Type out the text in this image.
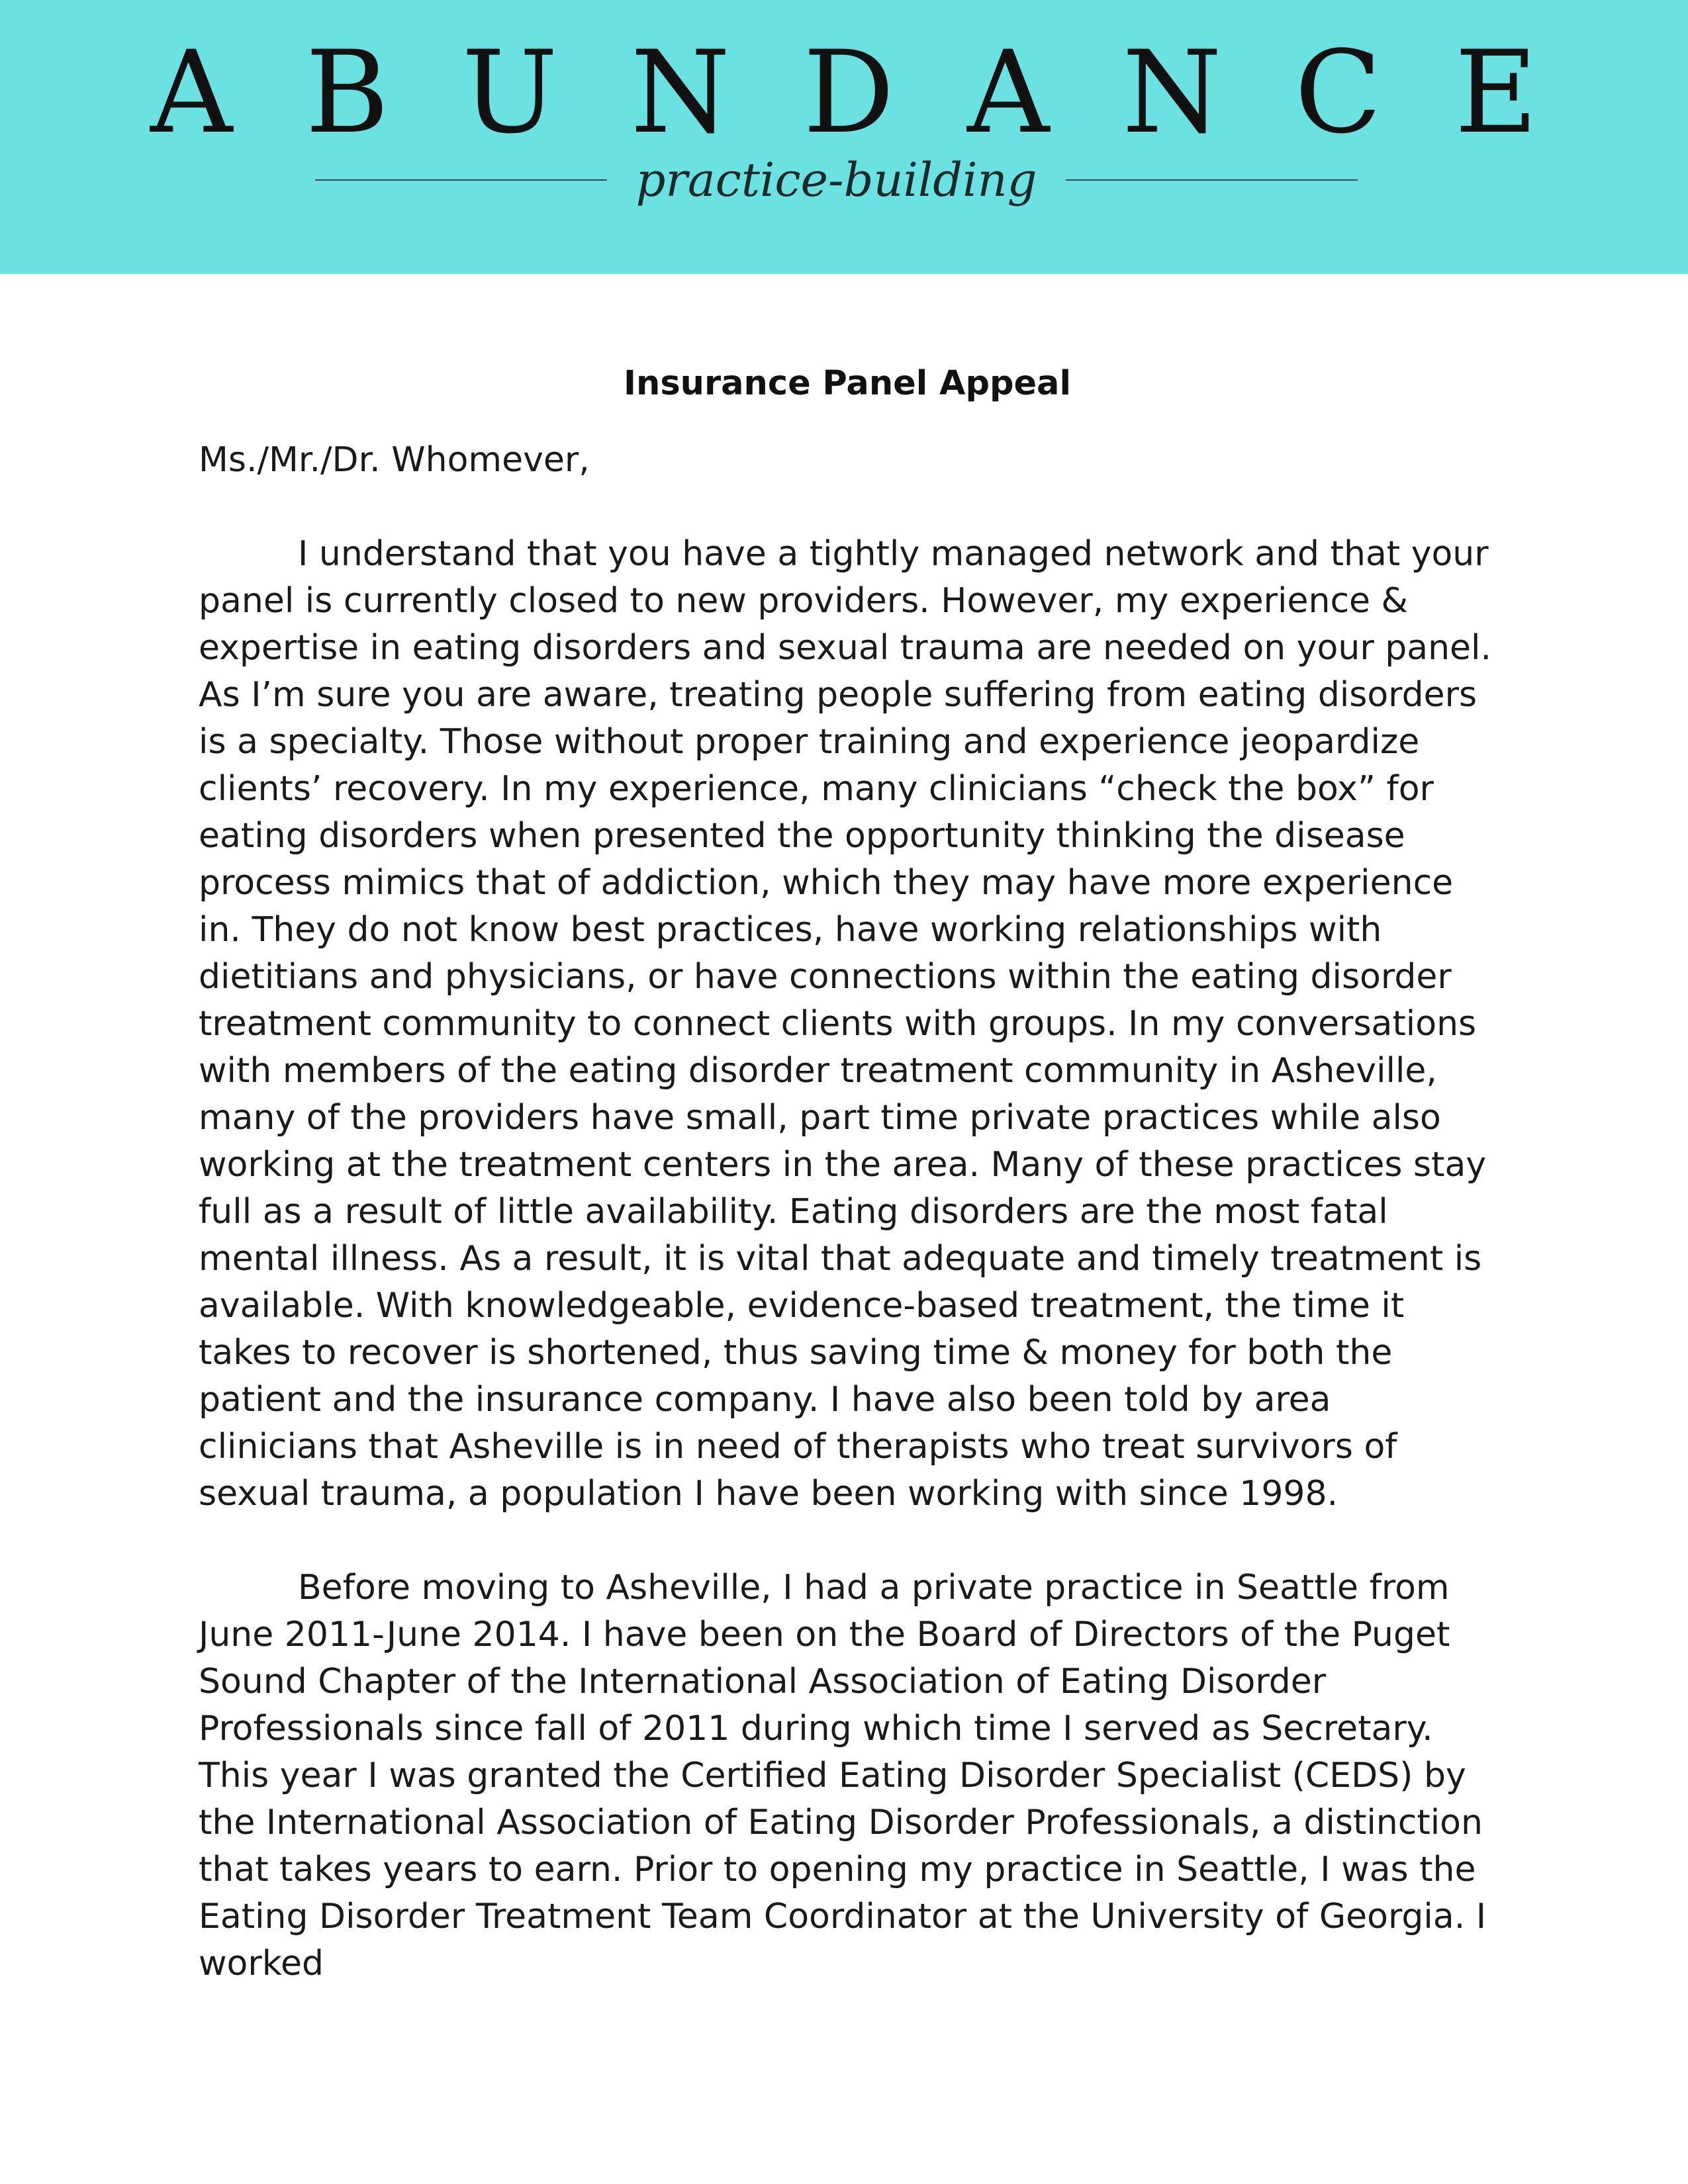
ABUNDANCE
practice-building
Insurance Panel Appeal

Ms./Mr./Dr. Whomever,

I understand that you have a tightly managed network and that your panel is currently closed to new providers. However, my experience & expertise in eating disorders and sexual trauma are needed on your panel. As I’m sure you are aware, treating people suffering from eating disorders is a specialty. Those without proper training and experience jeopardize clients’ recovery. In my experience, many clinicians “check the box” for eating disorders when presented the opportunity thinking the disease process mimics that of addiction, which they may have more experience in. They do not know best practices, have working relationships with dietitians and physicians, or have connections within the eating disorder treatment community to connect clients with groups. In my conversations with members of the eating disorder treatment community in Asheville, many of the providers have small, part time private practices while also working at the treatment centers in the area. Many of these practices stay full as a result of little availability. Eating disorders are the most fatal mental illness. As a result, it is vital that adequate and timely treatment is available. With knowledgeable, evidence-based treatment, the time it takes to recover is shortened, thus saving time & money for both the patient and the insurance company. I have also been told by area clinicians that Asheville is in need of therapists who treat survivors of sexual trauma, a population I have been working with since 1998.

Before moving to Asheville, I had a private practice in Seattle from June 2011-June 2014. I have been on the Board of Directors of the Puget Sound Chapter of the International Association of Eating Disorder Professionals since fall of 2011 during which time I served as Secretary. This year I was granted the Certified Eating Disorder Specialist (CEDS) by the International Association of Eating Disorder Professionals, a distinction that takes years to earn. Prior to opening my practice in Seattle, I was the Eating Disorder Treatment Team Coordinator at the University of Georgia. I worked
